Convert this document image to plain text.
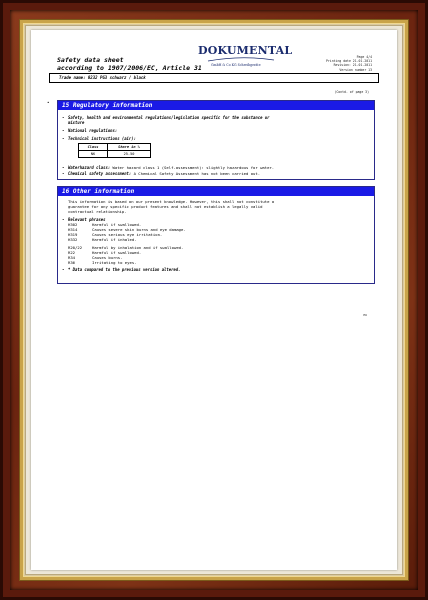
Safety data sheet
according to 1907/2006/EC, Article 31
DOKUMENTAL
GmbH & Co KG Schreibgeräte
Page 4/4
Printing date 21.01.2011
Revision: 21.01.2011
Version number 13
Trade name: 0232 PG3 schwarz / black
(Contd. of page 3)
•	15 Regulatory information
• Safety, health and environmental regulations/legislation specific for the substance or
mixture
• National regulations:
• Technical instructions (air):
Class	Share in %
NK	25-50
• Waterhazard class: Water hazard class 1 (Self-assessment): slightly hazardous for water.
• Chemical safety assessment: A Chemical Safety Assessment has not been carried out.
16 Other information
This information is based on our present knowledge. However, this shall not constitute a
guarantee for any specific product features and shall not establish a legally valid
contractual relationship.
• Relevant phrases
H302	Harmful if swallowed.
H314	Causes severe skin burns and eye damage.
H319	Causes serious eye irritation.
H332	Harmful if inhaled.
R20/22	Harmful by inhalation and if swallowed.
R22	Harmful if swallowed.
R34	Causes burns.
R36	Irritating to eyes.
• * Data compared to the previous version altered.
EU
